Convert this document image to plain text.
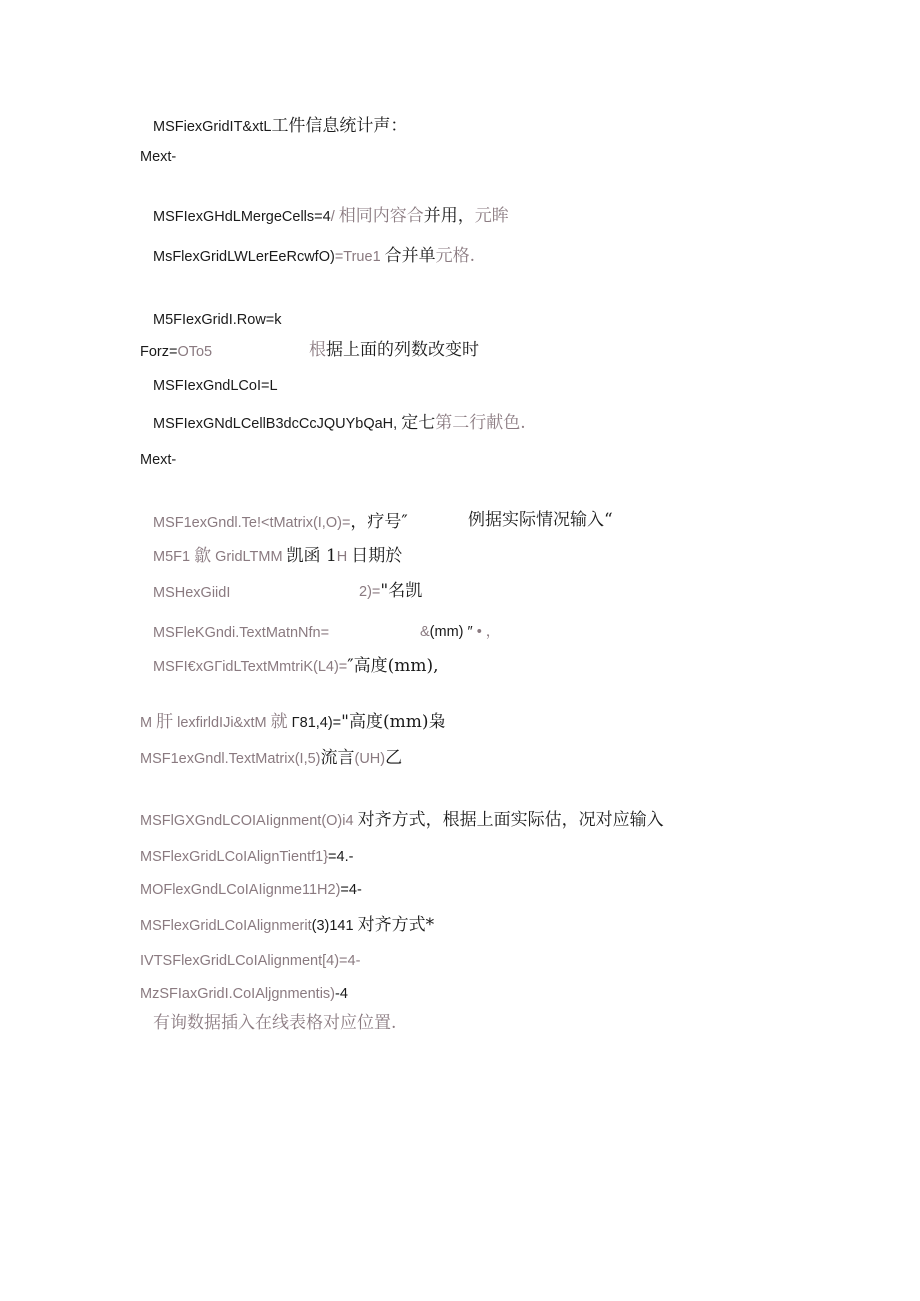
MSFiexGridIT&xtL工件信息统计声：
Mext-
MSFIexGHdLMergeCells=4/ 相同内容合并用，元眸
MsFlexGridLWLerEeRcwfO)=True1 合并单元格.
M5FIexGridI.Row=k
Forz=OTo5	根据上面的列数改变时
MSFIexGndLCoI=L
MSFIexGNdLCellB3dcCcJQUYbQaH, 定七第二行献色.
Mext-
MSF1exGndl.Te!<tMatrix(I,O)=，疗号″	例据实际情况输入“
M5F1 歙 GridLTMM 凯函 1H 日期於
MSHexGiidI	2)="名凯
MSFleKGndi.TextMatnNfn=	&(mm) ″ • ，
MSFI€xGΓidLTextMmtriK(L4)=″高度(mm),
M 肝 lexfirldIJi&xtM 就 Γ81,4)="高度(mm)枭
MSF1exGndl.TextMatrix(I,5)流言(UH)乙
MSFlGXGndLCOIAIignment(O)i4 对齐方式，根据上面实际估，况对应输入
MSFlexGridLCoIAlignTientf1}=4.-
MOFlexGndLCoIAIignme11H2)=4-
MSFlexGridLCoIAlignmerit(3)141 对齐方式*
IVTSFlexGridLCoIAlignment[4)=4-
MzSFIaxGridI.CoIAljgnmentis)-4
有询数据插入在线表格对应位置.
